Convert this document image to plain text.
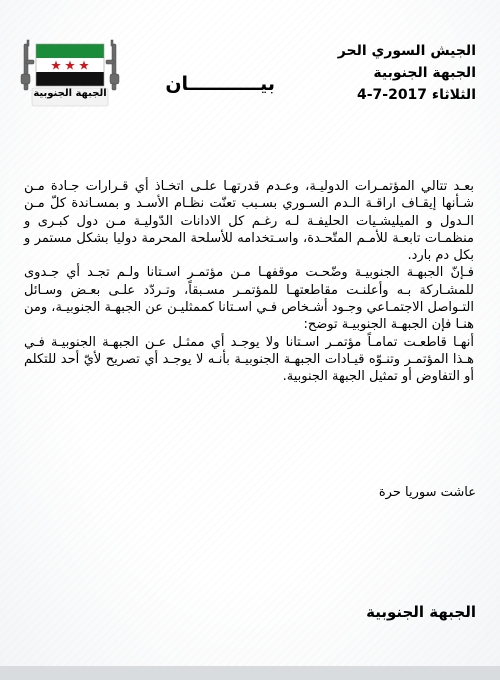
الجبهة الجنوبية
الجيش السوري الحر
الجبهة الجنوبية
الثلاثاء 2017-7-4
بيـــــــــــان

بعـد تتالي المؤتمـرات الدوليـة، وعـدم قدرتهـا علـى اتخـاذ أي قـرارات جـادة مـن شـأنها إيقـاف اراقـة الـدم السـوري بسـبب تعنّت نظـام الأسـد و بمسـاندة كلّ مـن الـدول و الميليشـيات الحليفـة لـه رغـم كل الادانات الدّوليـة مـن دول كبـرى و منظمـات تابعـة للأمـم المتّحـدة، واسـتخدامه للأسلحة المحرمة دوليا بشكل مستمر و بكل دم بارد.

فـإنّ الجبهـة الجنوبيـة وضّحـت موقفهـا مـن مؤتمـر اسـتانا ولـم تجـد أي جـدوى للمشـاركة بـه وأعلنـت مقاطعتهـا للمؤتمـر مسـبقاً، وتـردّد علـى بعـض وسـائل التـواصل الاجتمـاعي وجـود أشـخاص فـي اسـتانا كممثليـن عن الجبهـة الجنوبيـة، ومن هنـا فإن الجبهـة الجنوبيـة توضح:

أنهـا قاطعـت تمامـاً مؤتمـر اسـتانا ولا يوجـد أي ممثـل عـن الجبهـة الجنوبيـة فـي هـذا المؤتمـر وتنـوّه قيـادات الجبهـة الجنوبيـة بأنـه لا يوجـد أي تصريح لأيّ أحد للتكلم أو التفاوض أو تمثيل الجبهة الجنوبية.

عاشت سوريا حرة
الجبهة الجنوبية
